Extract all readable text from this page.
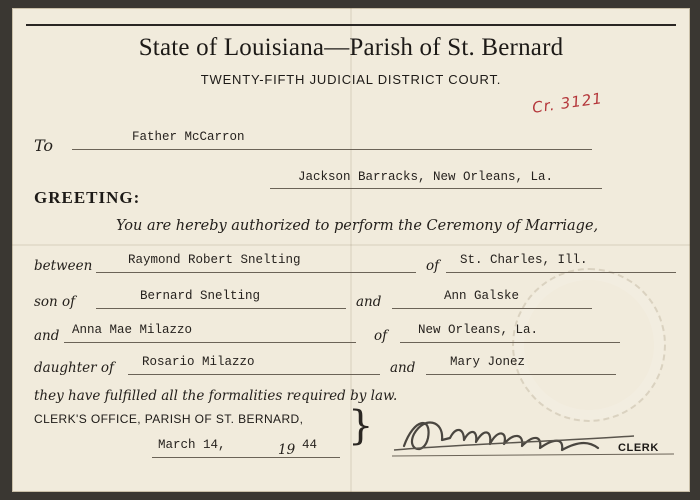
State of Louisiana—Parish of St. Bernard
TWENTY-FIFTH JUDICIAL DISTRICT COURT.
Cr. 3121
To	Father McCarron
Jackson Barracks, New Orleans, La.
GREETING:
You are hereby authorized to perform the Ceremony of Marriage,
between	Raymond Robert Snelting	of St. Charles, Ill.
son of	Bernard Snelting	and	Ann Galske
and Anna Mae Milazzo	of New Orleans, La.
daughter of Rosario Milazzo	and	Mary Jonez
they have fulfilled all the formalities required by law.
CLERK'S OFFICE, PARISH OF ST. BERNARD,
March 14,	19 44 }	CLERK
